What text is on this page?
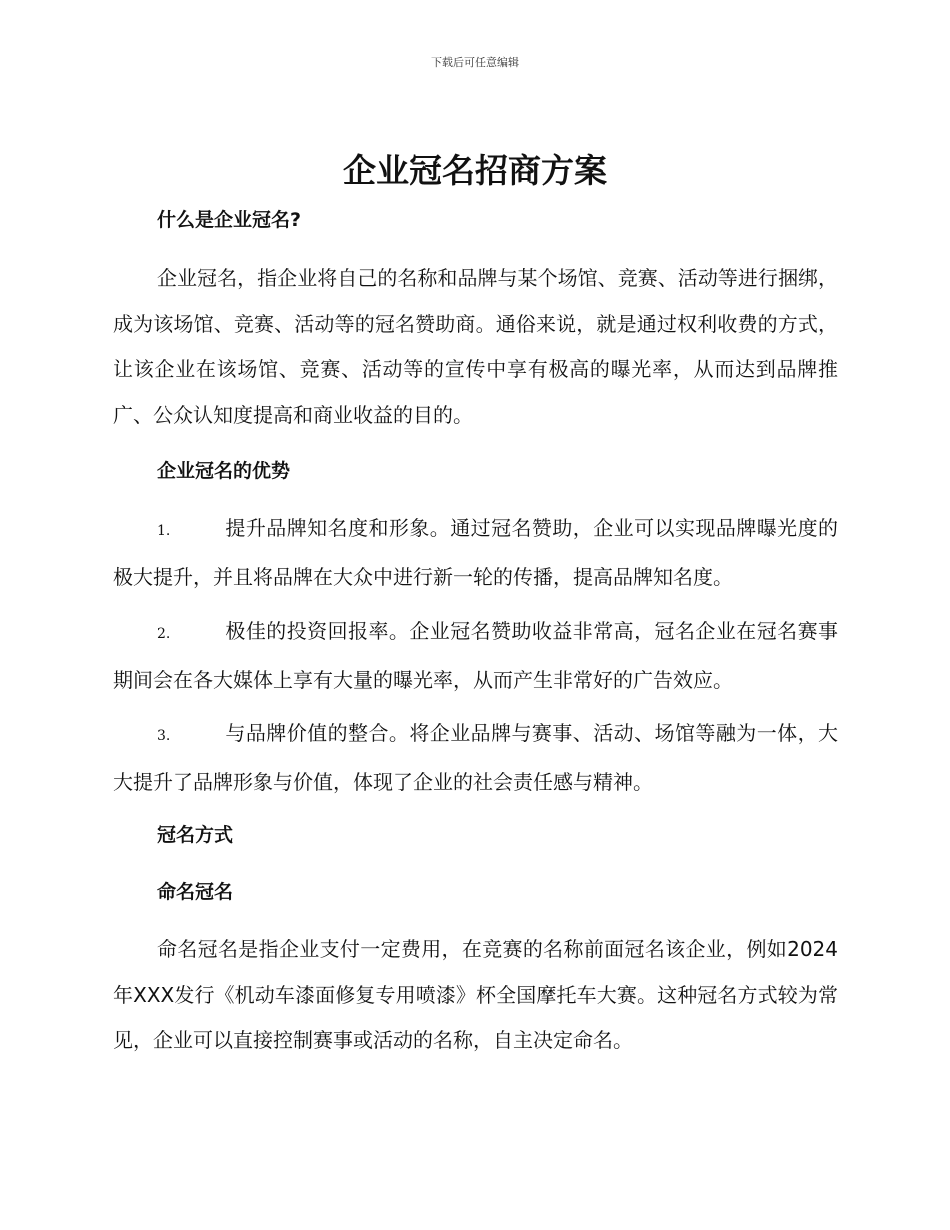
下载后可任意编辑
企业冠名招商方案
什么是企业冠名?

企业冠名，指企业将自己的名称和品牌与某个场馆、竞赛、活动等进行捆绑，成为该场馆、竞赛、活动等的冠名赞助商。通俗来说，就是通过权利收费的方式，让该企业在该场馆、竞赛、活动等的宣传中享有极高的曝光率，从而达到品牌推广、公众认知度提高和商业收益的目的。

企业冠名的优势

1.	提升品牌知名度和形象。通过冠名赞助，企业可以实现品牌曝光度的极大提升，并且将品牌在大众中进行新一轮的传播，提高品牌知名度。

2.	极佳的投资回报率。企业冠名赞助收益非常高，冠名企业在冠名赛事期间会在各大媒体上享有大量的曝光率，从而产生非常好的广告效应。

3.	与品牌价值的整合。将企业品牌与赛事、活动、场馆等融为一体，大大提升了品牌形象与价值，体现了企业的社会责任感与精神。

冠名方式
命名冠名

命名冠名是指企业支付一定费用，在竞赛的名称前面冠名该企业，例如2024年XXX发行《机动车漆面修复专用喷漆》杯全国摩托车大赛。这种冠名方式较为常见，企业可以直接控制赛事或活动的名称，自主决定命名。
